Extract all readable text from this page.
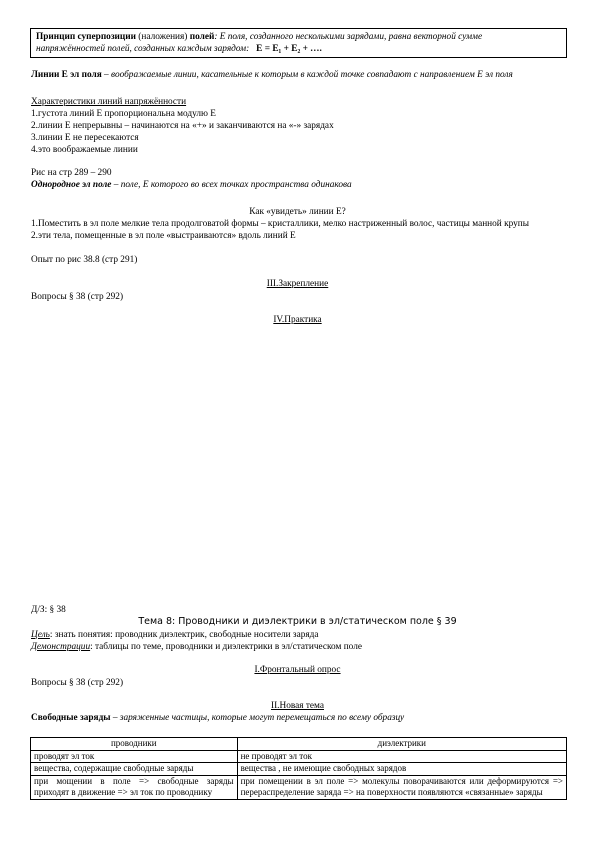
Принцип суперпозиции (наложения) полей: Е поля, созданного несколькими зарядами, равна векторной сумме
напряжённостей полей, созданных каждым зарядом: E = E₁ + E₂ + ….
Линии Е эл поля – воображаемые линии, касательные к которым в каждой точке совпадают с направлением Е эл поля
Характеристики линий напряжённости
1.густота линий Е пропорциональна модулю Е
2.линии Е непрерывны – начинаются на «+» и заканчиваются на «-» зарядах
3.линии Е не пересекаются
4.это воображаемые линии
Рис на стр 289 – 290
Однородное эл поле – поле, Е которого во всех точках пространства одинакова
Как «увидеть» линии Е?
1.Поместить в эл поле мелкие тела продолговатой формы – кристаллики, мелко настриженный волос, частицы манной крупы
2.эти тела, помещенные в эл поле «выстраиваются» вдоль линий Е
Опыт по рис 38.8 (стр 291)
III.Закрепление
Вопросы § 38 (стр 292)
IV.Практика
Д/З: § 38
Тема 8: Проводники и диэлектрики в эл/статическом поле § 39
Цель: знать понятия: проводник диэлектрик, свободные носители заряда
Демонстрации: таблицы по теме, проводники и диэлектрики в эл/статическом поле
I.Фронтальный опрос
Вопросы § 38 (стр 292)
II.Новая тема
Свободные заряды – заряженные частицы, которые могут перемещаться по всему образцу
проводники	диэлектрики
проводят эл ток	не проводят эл ток
вещества, содержащие свободные заряды	вещества , не имеющие свободных зарядов
при мощении в поле => свободные заряды приходят в движение => эл ток по проводнику	при помещении в эл поле => молекулы поворачиваются или деформируются => перераспределение заряда => на поверхности появляются «связанные» заряды
